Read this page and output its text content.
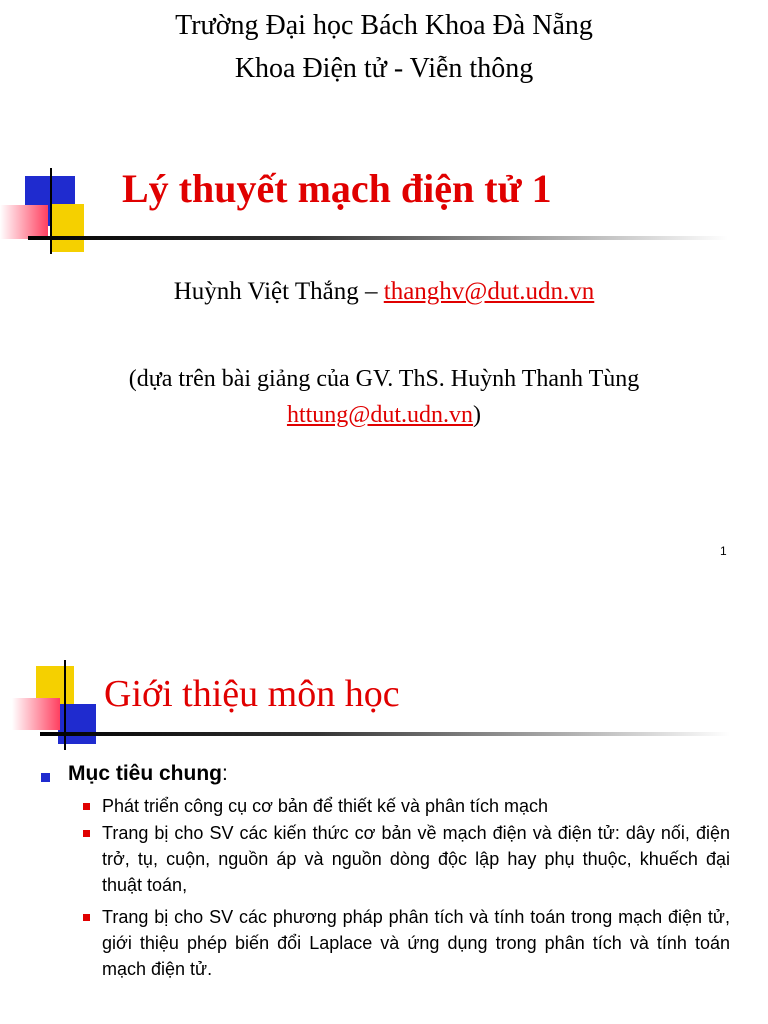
Trường Đại học Bách Khoa Đà Nẵng
Khoa Điện tử - Viễn thông
Lý thuyết mạch điện tử 1
Huỳnh Việt Thắng – thanghv@dut.udn.vn
(dựa trên bài giảng của GV. ThS. Huỳnh Thanh Tùng
httung@dut.udn.vn)
1
Giới thiệu môn học
Mục tiêu chung:
Phát triển công cụ cơ bản để thiết kế và phân tích mạch
Trang bị cho SV các kiến thức cơ bản về mạch điện và điện tử: dây nối, điện trở, tụ, cuộn, nguồn áp và nguồn dòng độc lập hay phụ thuộc, khuếch đại thuật toán,
Trang bị cho SV các phương pháp phân tích và tính toán trong mạch điện tử, giới thiệu phép biến đổi Laplace và ứng dụng trong phân tích và tính toán mạch điện tử.
